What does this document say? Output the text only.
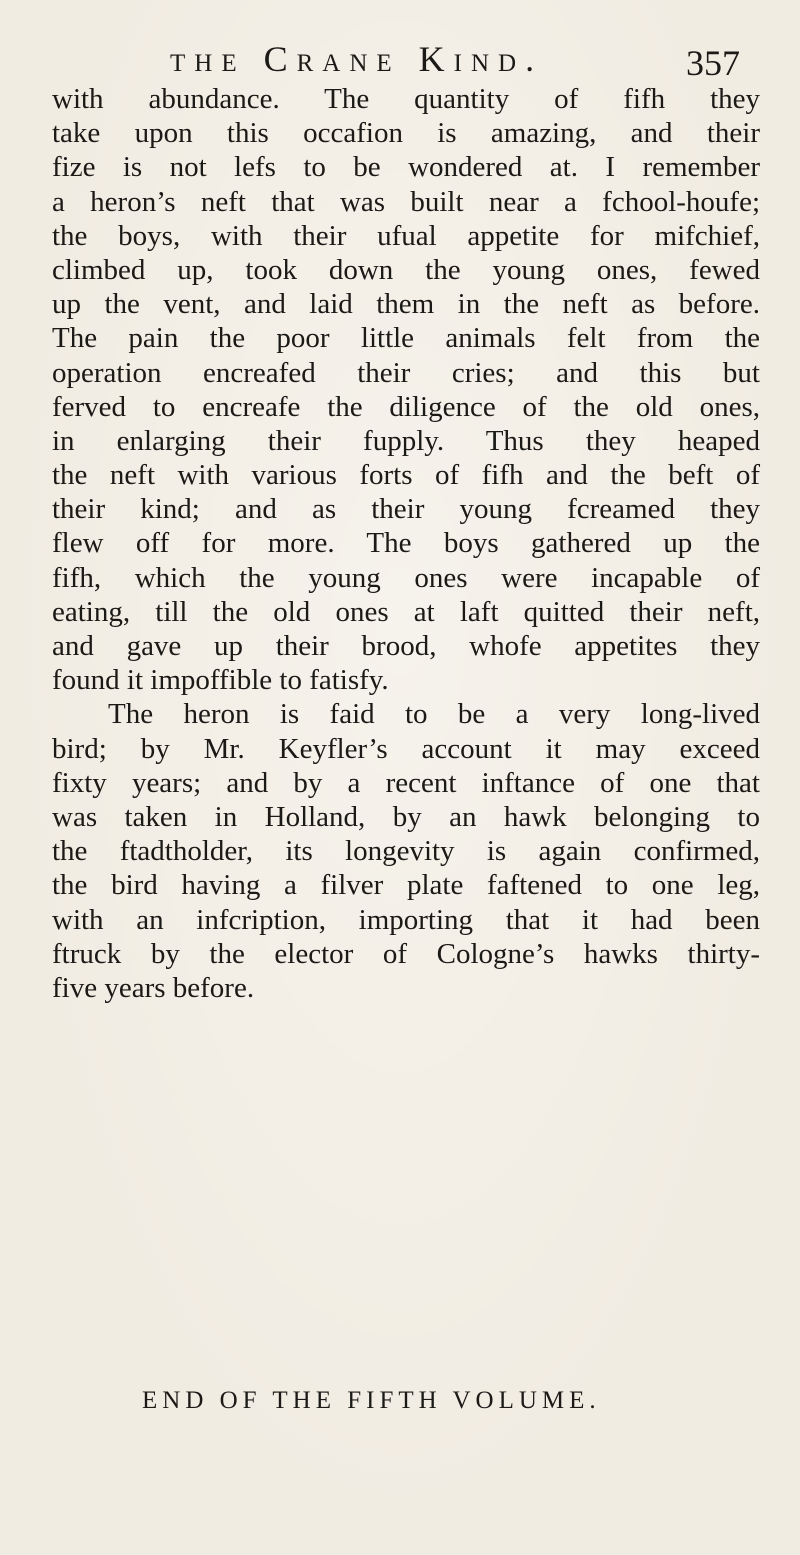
the Crane Kind.	357
with abundance. The quantity of fifh they
take upon this occafion is amazing, and their
fize is not lefs to be wondered at. I remember
a heron’s neft that was built near a fchool-houfe;
the boys, with their ufual appetite for mifchief,
climbed up, took down the young ones, fewed
up the vent, and laid them in the neft as before.
The pain the poor little animals felt from the
operation encreafed their cries; and this but
ferved to encreafe the diligence of the old ones,
in enlarging their fupply. Thus they heaped
the neft with various forts of fifh and the beft of
their kind; and as their young fcreamed they
flew off for more. The boys gathered up the
fifh, which the young ones were incapable of
eating, till the old ones at laft quitted their neft,
and gave up their brood, whofe appetites they
found it impoffible to fatisfy.
The heron is faid to be a very long-lived
bird; by Mr. Keyfler’s account it may exceed
fixty years; and by a recent inftance of one that
was taken in Holland, by an hawk belonging to
the ftadtholder, its longevity is again confirmed,
the bird having a filver plate faftened to one leg,
with an infcription, importing that it had been
ftruck by the elector of Cologne’s hawks thirty-
five years before.
END OF THE FIFTH VOLUME.
